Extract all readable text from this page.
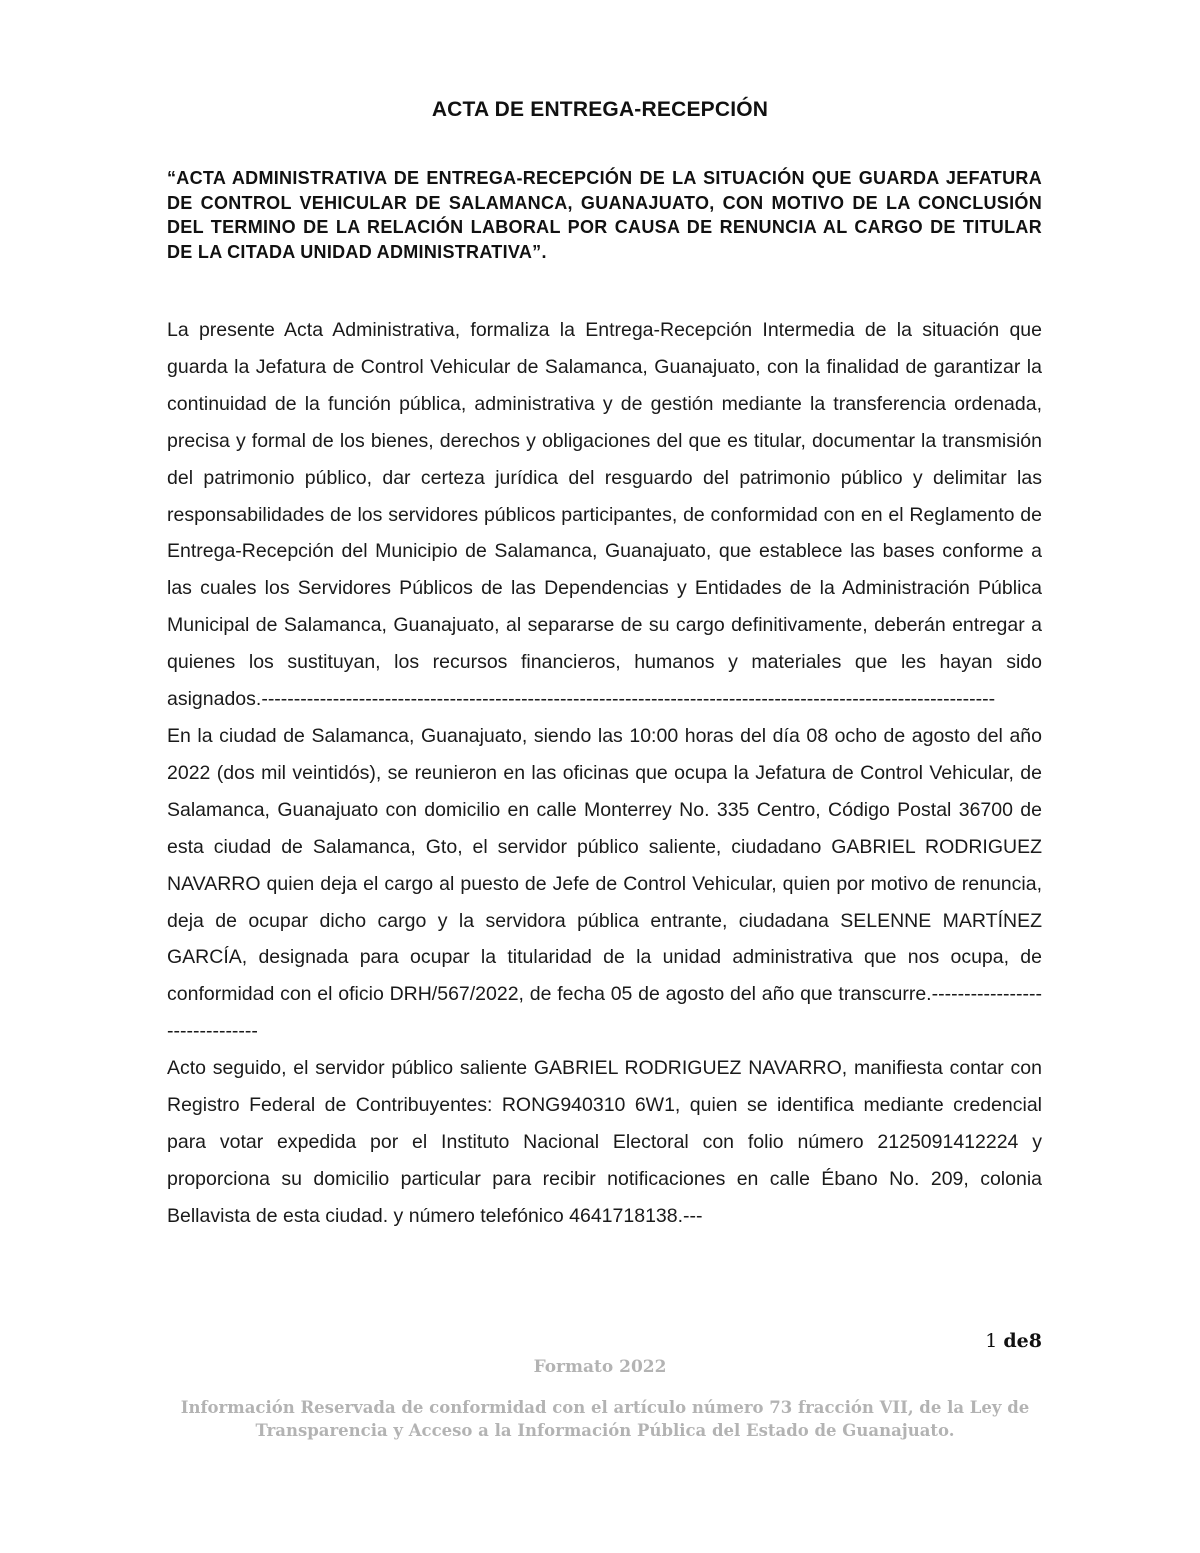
ACTA DE ENTREGA-RECEPCIÓN

“ACTA ADMINISTRATIVA DE ENTREGA-RECEPCIÓN DE LA SITUACIÓN QUE GUARDA JEFATURA DE CONTROL VEHICULAR DE SALAMANCA, GUANAJUATO, CON MOTIVO DE LA CONCLUSIÓN DEL TERMINO DE LA RELACIÓN LABORAL POR CAUSA DE RENUNCIA AL CARGO DE TITULAR DE LA CITADA UNIDAD ADMINISTRATIVA”.

La presente Acta Administrativa, formaliza la Entrega-Recepción Intermedia de la situación que guarda la Jefatura de Control Vehicular de Salamanca, Guanajuato, con la finalidad de garantizar la continuidad de la función pública, administrativa y de gestión mediante la transferencia ordenada, precisa y formal de los bienes, derechos y obligaciones del que es titular, documentar la transmisión del patrimonio público, dar certeza jurídica del resguardo del patrimonio público y delimitar las responsabilidades de los servidores públicos participantes, de conformidad con en el Reglamento de Entrega-Recepción del Municipio de Salamanca, Guanajuato, que establece las bases conforme a las cuales los Servidores Públicos de las Dependencias y Entidades de la Administración Pública Municipal de Salamanca, Guanajuato, al separarse de su cargo definitivamente, deberán entregar a quienes los sustituyan, los recursos financieros, humanos y materiales que les hayan sido asignados.-----------------------------------------------------------------------------------------------------------------

En la ciudad de Salamanca, Guanajuato, siendo las 10:00 horas del día 08 ocho de agosto del año 2022 (dos mil veintidós), se reunieron en las oficinas que ocupa la Jefatura de Control Vehicular, de Salamanca, Guanajuato con domicilio en calle Monterrey No. 335 Centro, Código Postal 36700 de esta ciudad de Salamanca, Gto, el servidor público saliente, ciudadano GABRIEL RODRIGUEZ NAVARRO quien deja el cargo al puesto de Jefe de Control Vehicular, quien por motivo de renuncia, deja de ocupar dicho cargo y la servidora pública entrante, ciudadana SELENNE MARTÍNEZ GARCÍA, designada para ocupar la titularidad de la unidad administrativa que nos ocupa, de conformidad con el oficio DRH/567/2022, de fecha 05 de agosto del año que transcurre.-------------------------------

Acto seguido, el servidor público saliente GABRIEL RODRIGUEZ NAVARRO, manifiesta contar con Registro Federal de Contribuyentes: RONG940310 6W1, quien se identifica mediante credencial para votar expedida por el Instituto Nacional Electoral con folio número 2125091412224 y proporciona su domicilio particular para recibir notificaciones en calle Ébano No. 209, colonia Bellavista de esta ciudad. y número telefónico 4641718138.---

1 de8
Formato 2022

Información Reservada de conformidad con el artículo número 73 fracción VII, de la Ley de Transparencia y Acceso a la Información Pública del Estado de Guanajuato.
